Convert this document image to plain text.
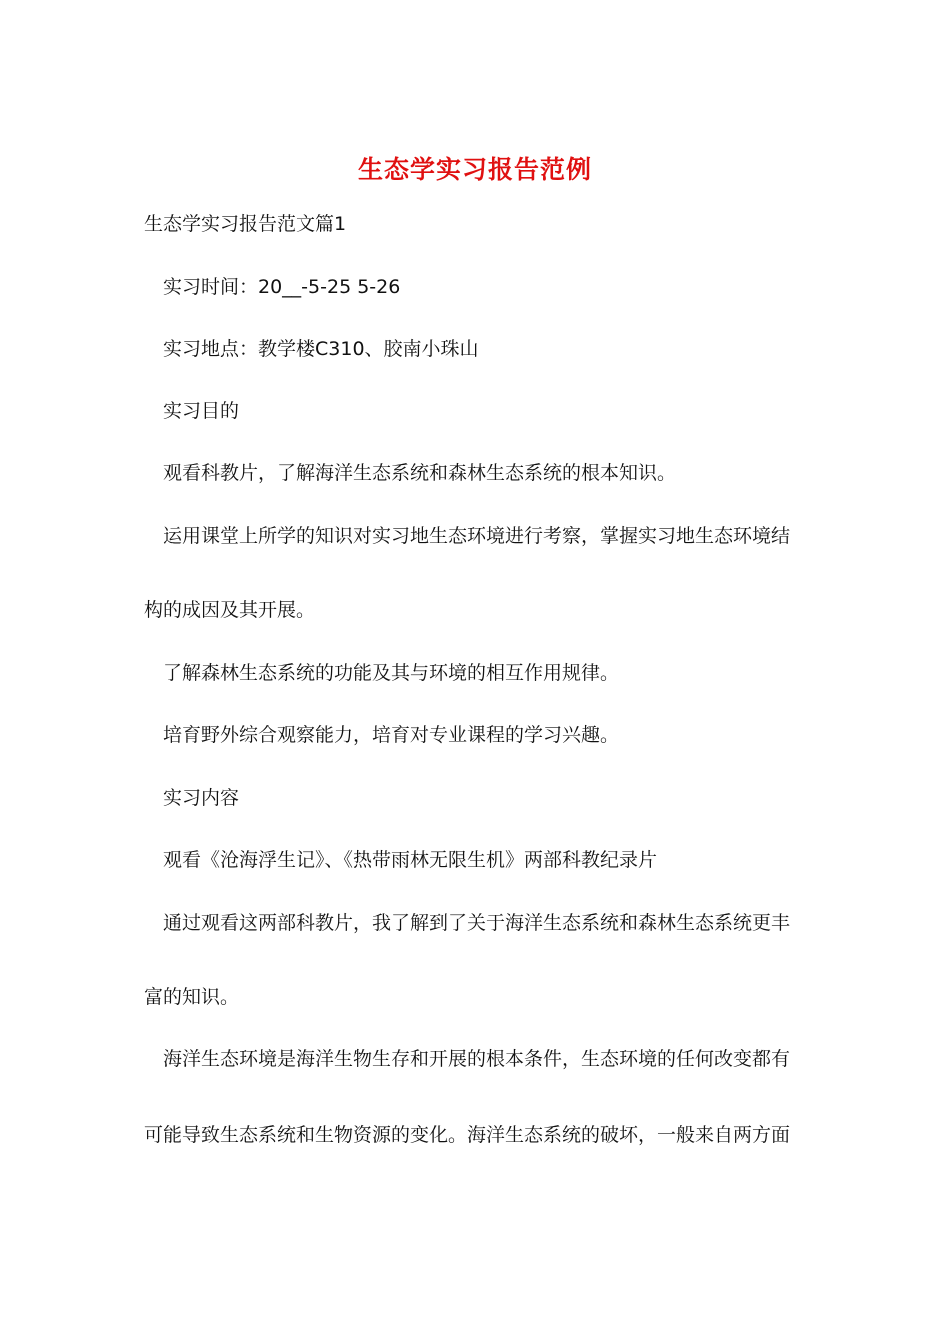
生态学实习报告范例
生态学实习报告范文篇1
实习时间：20__-5-25 5-26
实习地点：教学楼C310、胶南小珠山
实习目的
观看科教片，了解海洋生态系统和森林生态系统的根本知识。
运用课堂上所学的知识对实习地生态环境进行考察，掌握实习地生态环境结
构的成因及其开展。
了解森林生态系统的功能及其与环境的相互作用规律。
培育野外综合观察能力，培育对专业课程的学习兴趣。
实习内容
观看《沧海浮生记》、《热带雨林无限生机》两部科教纪录片
通过观看这两部科教片，我了解到了关于海洋生态系统和森林生态系统更丰
富的知识。
海洋生态环境是海洋生物生存和开展的根本条件，生态环境的任何改变都有
可能导致生态系统和生物资源的变化。海洋生态系统的破坏，一般来自两方面
